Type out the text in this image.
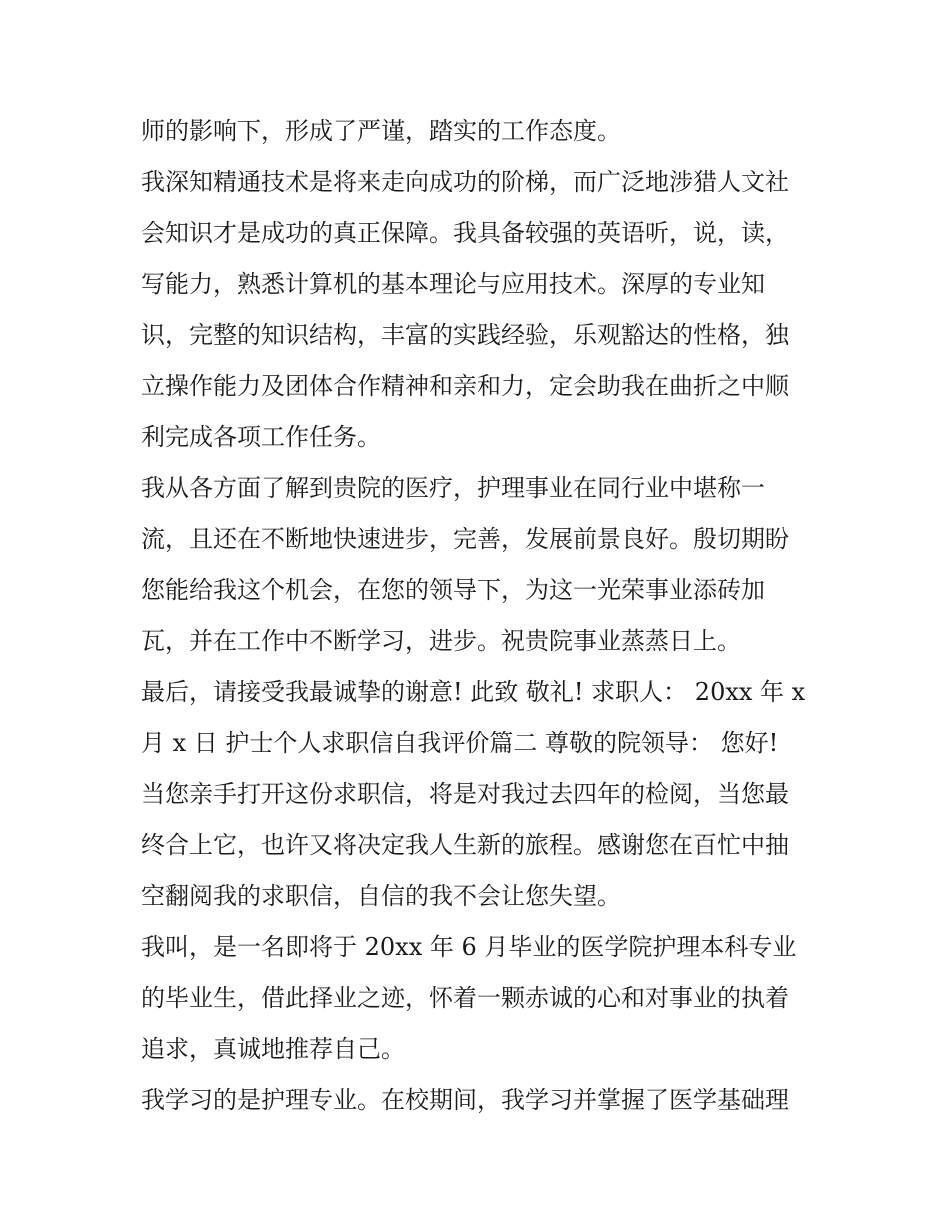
师的影响下，形成了严谨，踏实的工作态度。
我深知精通技术是将来走向成功的阶梯，而广泛地涉猎人文社
会知识才是成功的真正保障。我具备较强的英语听，说，读，
写能力，熟悉计算机的基本理论与应用技术。深厚的专业知
识，完整的知识结构，丰富的实践经验，乐观豁达的性格，独
立操作能力及团体合作精神和亲和力，定会助我在曲折之中顺
利完成各项工作任务。
我从各方面了解到贵院的医疗，护理事业在同行业中堪称一
流，且还在不断地快速进步，完善，发展前景良好。殷切期盼
您能给我这个机会，在您的领导下，为这一光荣事业添砖加
瓦，并在工作中不断学习，进步。祝贵院事业蒸蒸日上。
最后，请接受我最诚挚的谢意! 此致 敬礼! 求职人： 20xx 年 x
月 x 日 护士个人求职信自我评价篇二 尊敬的院领导： 您好!
当您亲手打开这份求职信，将是对我过去四年的检阅，当您最
终合上它，也许又将决定我人生新的旅程。感谢您在百忙中抽
空翻阅我的求职信，自信的我不会让您失望。
我叫，是一名即将于 20xx 年 6 月毕业的医学院护理本科专业
的毕业生，借此择业之迹，怀着一颗赤诚的心和对事业的执着
追求，真诚地推荐自己。
我学习的是护理专业。在校期间，我学习并掌握了医学基础理
